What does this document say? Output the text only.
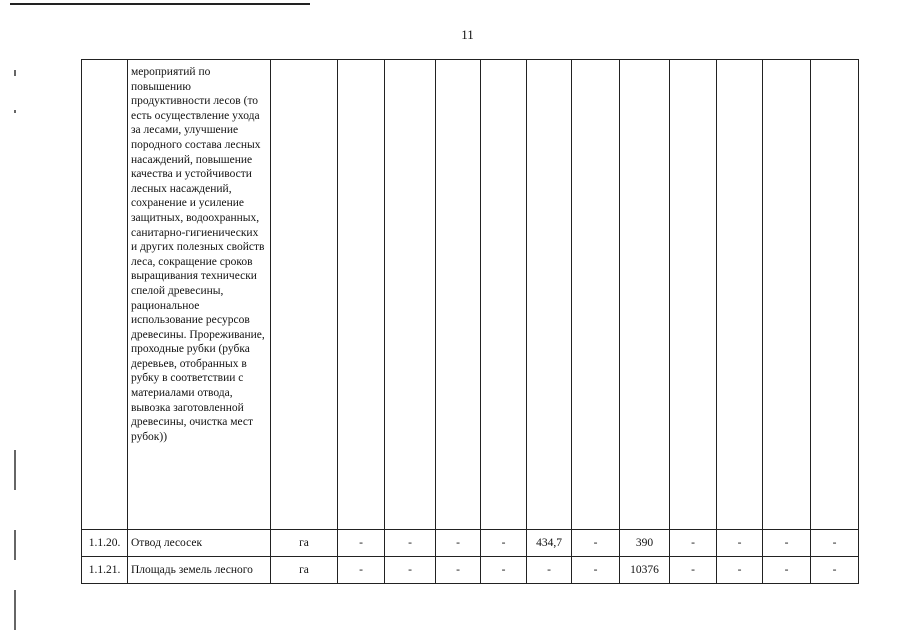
11
	мероприятий по повышению продуктивности лесов (то есть осуществление ухода за лесами, улучшение породного состава лесных насаждений, повышение качества и устойчивости лесных насаждений, сохранение и усиление защитных, водоохранных, санитарно-гигиенических и других полезных свойств леса, сокращение сроков выращивания технически спелой древесины, рациональное использование ресурсов древесины. Прореживание, проходные рубки (рубка деревьев, отобранных в рубку в соответствии с материалами отвода, вывозка заготовленной древесины, очистка мест рубок))												
1.1.20.	Отвод лесосек	га	-	-	-	-	434,7	-	390	-	-	-	-
1.1.21.	Площадь земель лесного	га	-	-	-	-	-	-	10376	-	-	-	-
